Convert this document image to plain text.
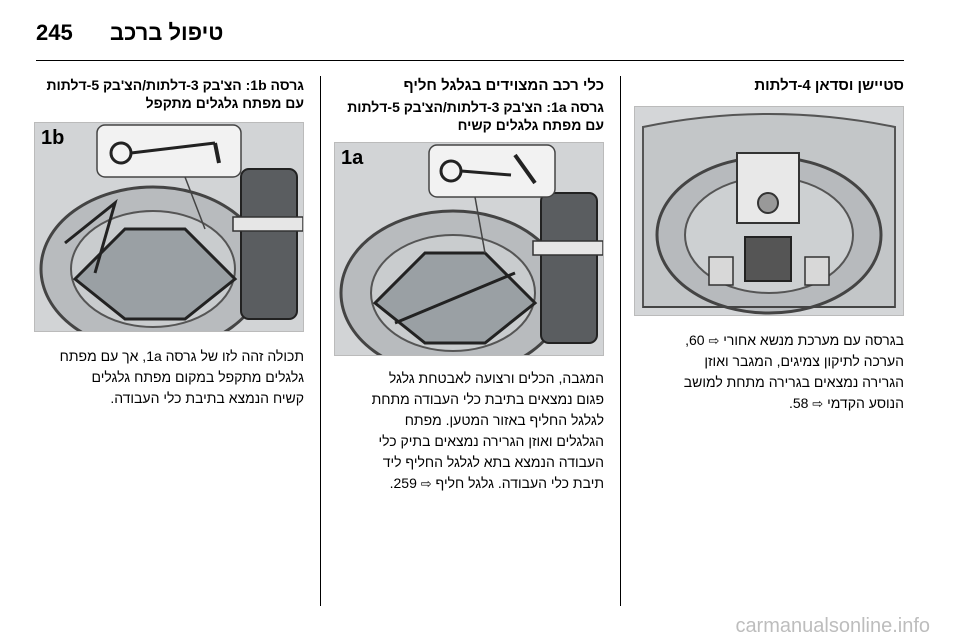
245 טיפול ברכב

סטיישן וסדאן 4-דלתות

בגרסה עם מערכת מנשא אחורי ⇨ 60,
הערכה לתיקון צמיגים, המגבר ואוזן
הגרירה נמצאים בגרירה מתחת למושב
הנוסע הקדמי ⇨ 58.

כלי רכב המצוידים בגלגל חליף

גרסה 1a: הצ'בק 3-דלתות/הצ'בק 5-דלתות

עם מפתח גלגלים קשיח

1a

המגבה, הכלים ורצועה לאבטחת גלגל
פגום נמצאים בתיבת כלי העבודה מתחת
לגלגל החליף באזור המטען. מפתח
הגלגלים ואוזן הגרירה נמצאים בתיק כלי
העבודה הנמצא בתא לגלגל החליף ליד
תיבת כלי העבודה. גלגל חליף ⇨ 259.

גרסה 1b: הצ'בק 3-דלתות/הצ'בק 5-דלתות

עם מפתח גלגלים מתקפל

1b

תכולה זהה לזו של גרסה 1a, אך עם מפתח
גלגלים מתקפל במקום מפתח גלגלים
קשיח הנמצא בתיבת כלי העבודה.

carmanualsonline.info
